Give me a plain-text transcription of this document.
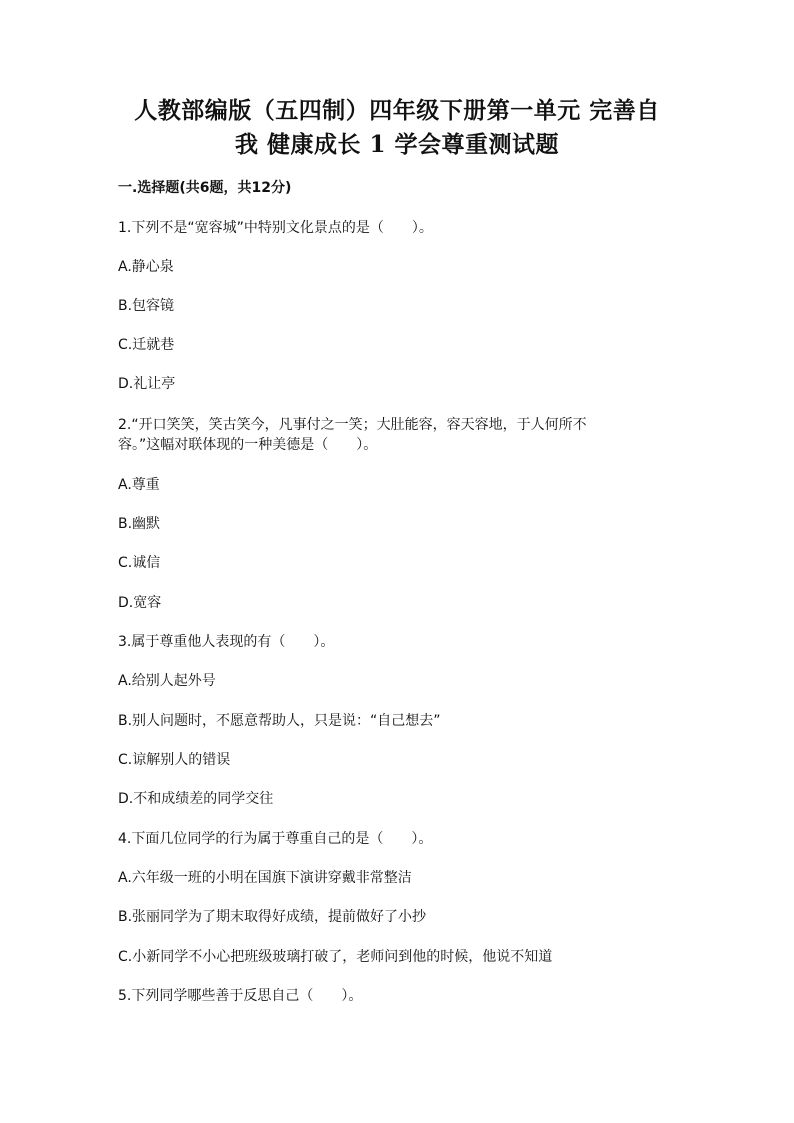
人教部编版（五四制）四年级下册第一单元 完善自
我 健康成长 1 学会尊重测试题
一.选择题(共6题，共12分)
1.下列不是“宽容城”中特别文化景点的是（　　）。
A.静心泉
B.包容镜
C.迁就巷
D.礼让亭
2.“开口笑笑，笑古笑今，凡事付之一笑；大肚能容，容天容地，于人何所不
容。”这幅对联体现的一种美德是（　　）。
A.尊重
B.幽默
C.诚信
D.宽容
3.属于尊重他人表现的有（　　）。
A.给别人起外号
B.别人问题时，不愿意帮助人，只是说：“自己想去”
C.谅解别人的错误
D.不和成绩差的同学交往
4.下面几位同学的行为属于尊重自己的是（　　）。
A.六年级一班的小明在国旗下演讲穿戴非常整洁
B.张丽同学为了期末取得好成绩，提前做好了小抄
C.小新同学不小心把班级玻璃打破了，老师问到他的时候，他说不知道
5.下列同学哪些善于反思自己（　　）。
